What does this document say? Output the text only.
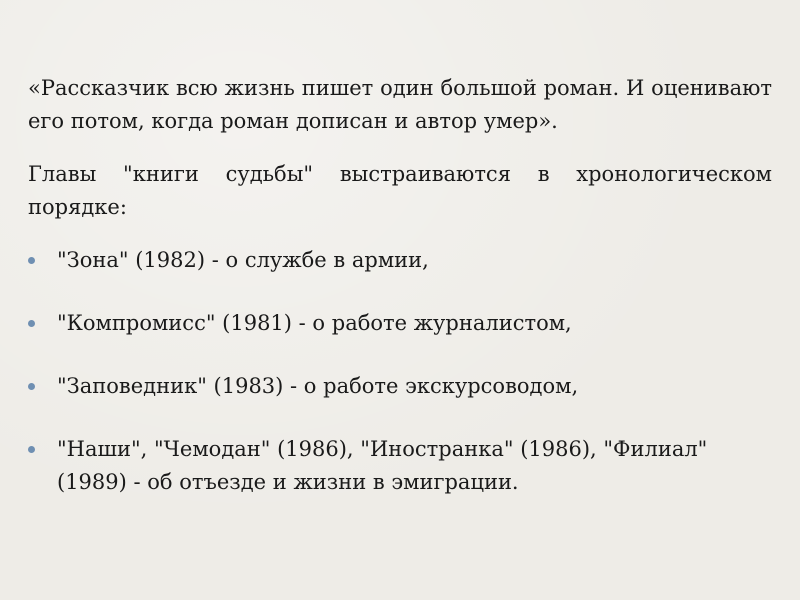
«Рассказчик всю жизнь пишет один большой роман. И оценивают его потом, когда роман дописан и автор умер».

Главы "книги судьбы" выстраиваются в хронологическом порядке:

"Зона" (1982) - о службе в армии,
"Компромисс" (1981) - о работе журналистом,
"Заповедник" (1983) - о работе экскурсоводом,
"Наши", "Чемодан" (1986), "Иностранка" (1986), "Филиал" (1989) - об отъезде и жизни в эмиграции.
